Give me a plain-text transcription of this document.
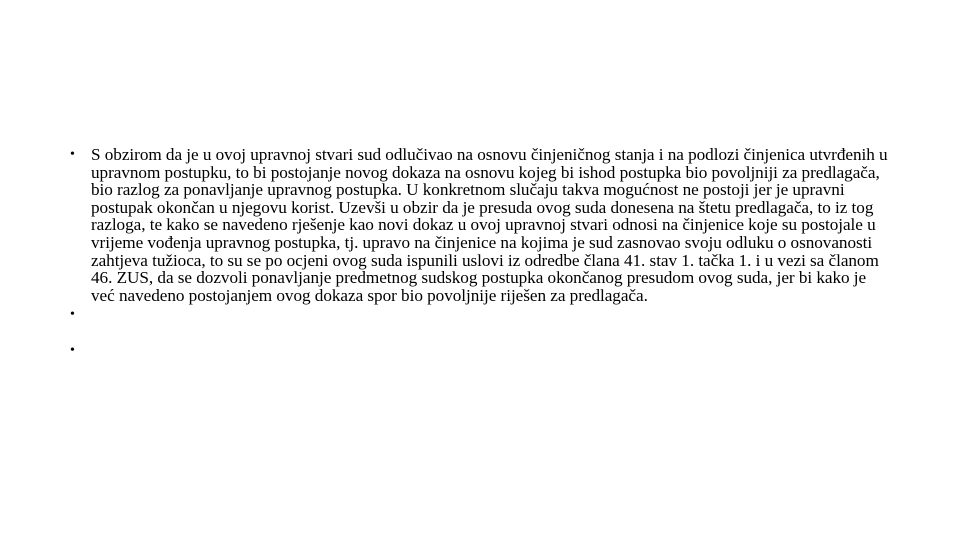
• S obzirom da je u ovoj upravnoj stvari sud odlučivao na osnovu činjeničnog stanja i na podlozi činjenica utvrđenih u upravnom postupku, to bi postojanje novog dokaza na osnovu kojeg bi ishod postupka bio povoljniji za predlagača, bio razlog za ponavljanje upravnog postupka. U konkretnom slučaju takva mogućnost ne postoji jer je upravni postupak okončan u njegovu korist. Uzevši u obzir da je presuda ovog suda donesena na štetu predlagača, to iz tog razloga, te kako se navedeno rješenje kao novi dokaz u ovoj upravnoj stvari odnosi na činjenice koje su postojale u vrijeme vođenja upravnog postupka, tj. upravo na činjenice na kojima je sud zasnovao svoju odluku o osnovanosti zahtjeva tužioca, to su se po ocjeni ovog suda ispunili uslovi iz odredbe člana 41. stav 1. tačka 1. i u vezi sa članom 46. ZUS, da se dozvoli ponavljanje predmetnog sudskog postupka okončanog presudom ovog suda, jer bi kako je već navedeno postojanjem ovog dokaza spor bio povoljnije riješen za predlagača.
•
•
